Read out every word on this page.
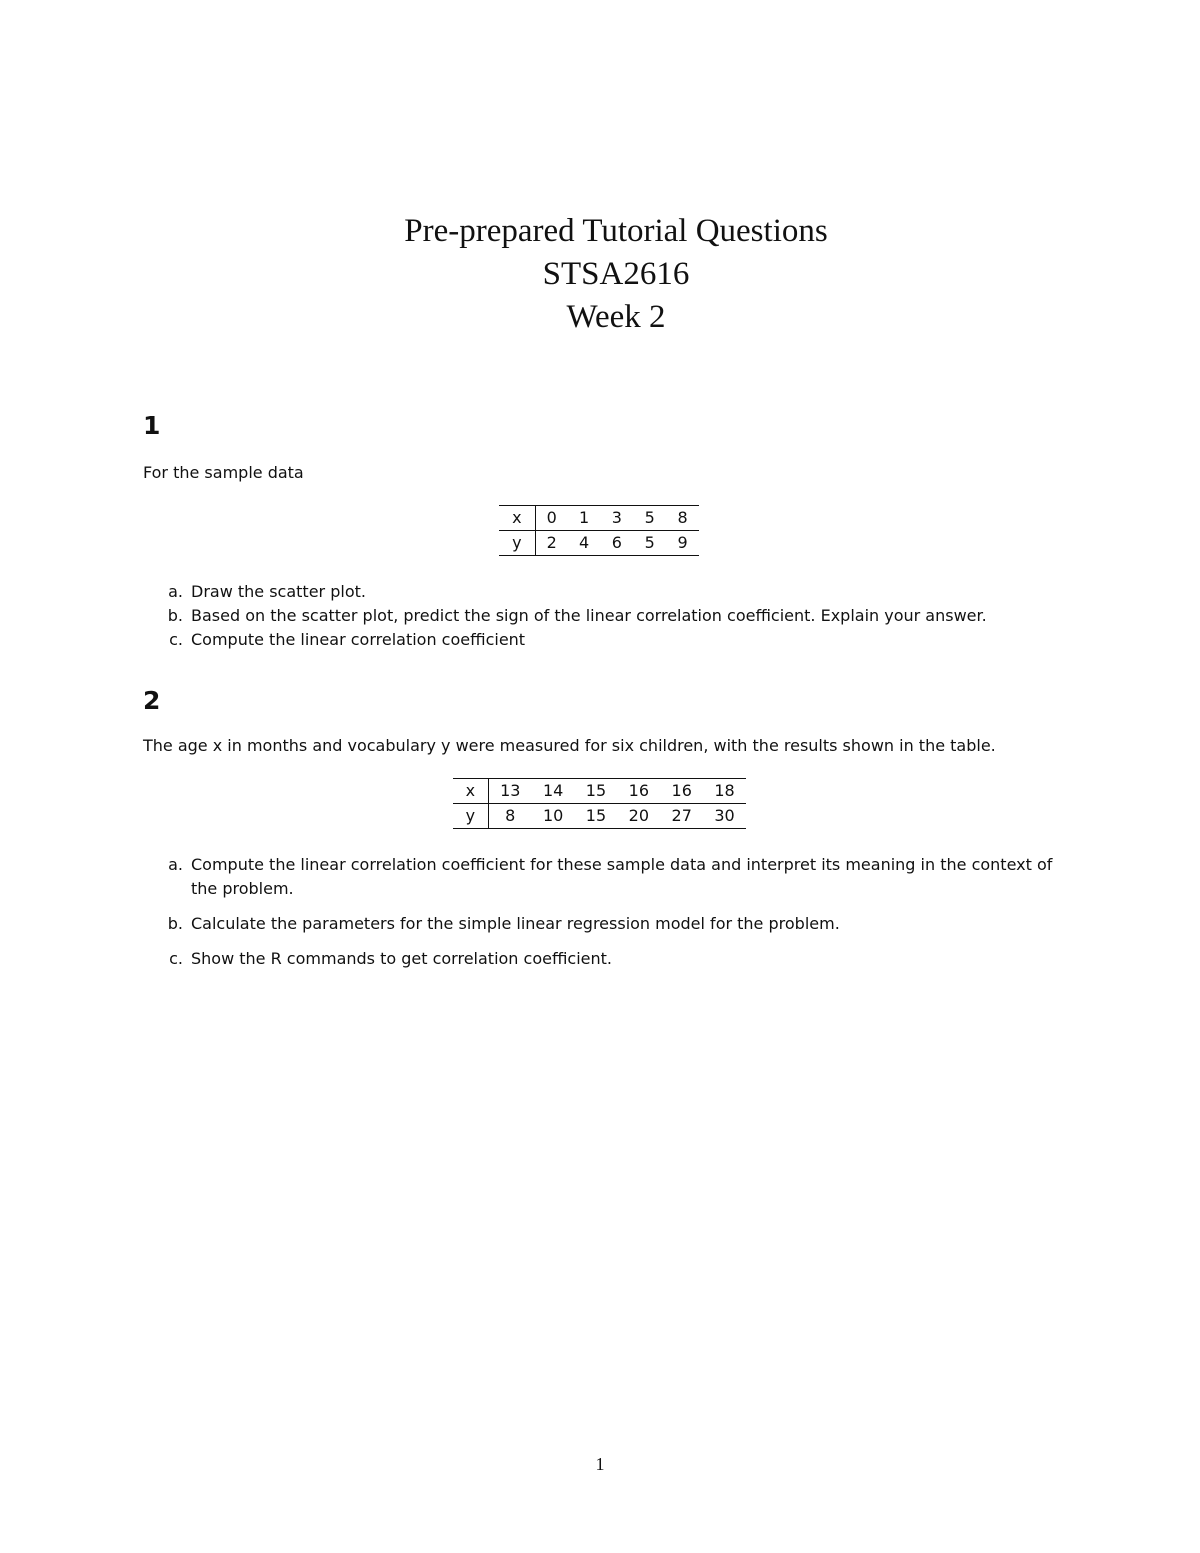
Pre-prepared Tutorial Questions
STSA2616
Week 2
1
For the sample data
x	0	1	3	5	8
y	2	4	6	5	9
a. Draw the scatter plot.
b. Based on the scatter plot, predict the sign of the linear correlation coefficient. Explain your answer.
c. Compute the linear correlation coefficient
2
The age x in months and vocabulary y were measured for six children, with the results shown in the table.
x	13	14	15	16	16	18
y	8	10	15	20	27	30
a. Compute the linear correlation coefficient for these sample data and interpret its meaning in the context of the problem.
b. Calculate the parameters for the simple linear regression model for the problem.
c. Show the R commands to get correlation coefficient.
1
